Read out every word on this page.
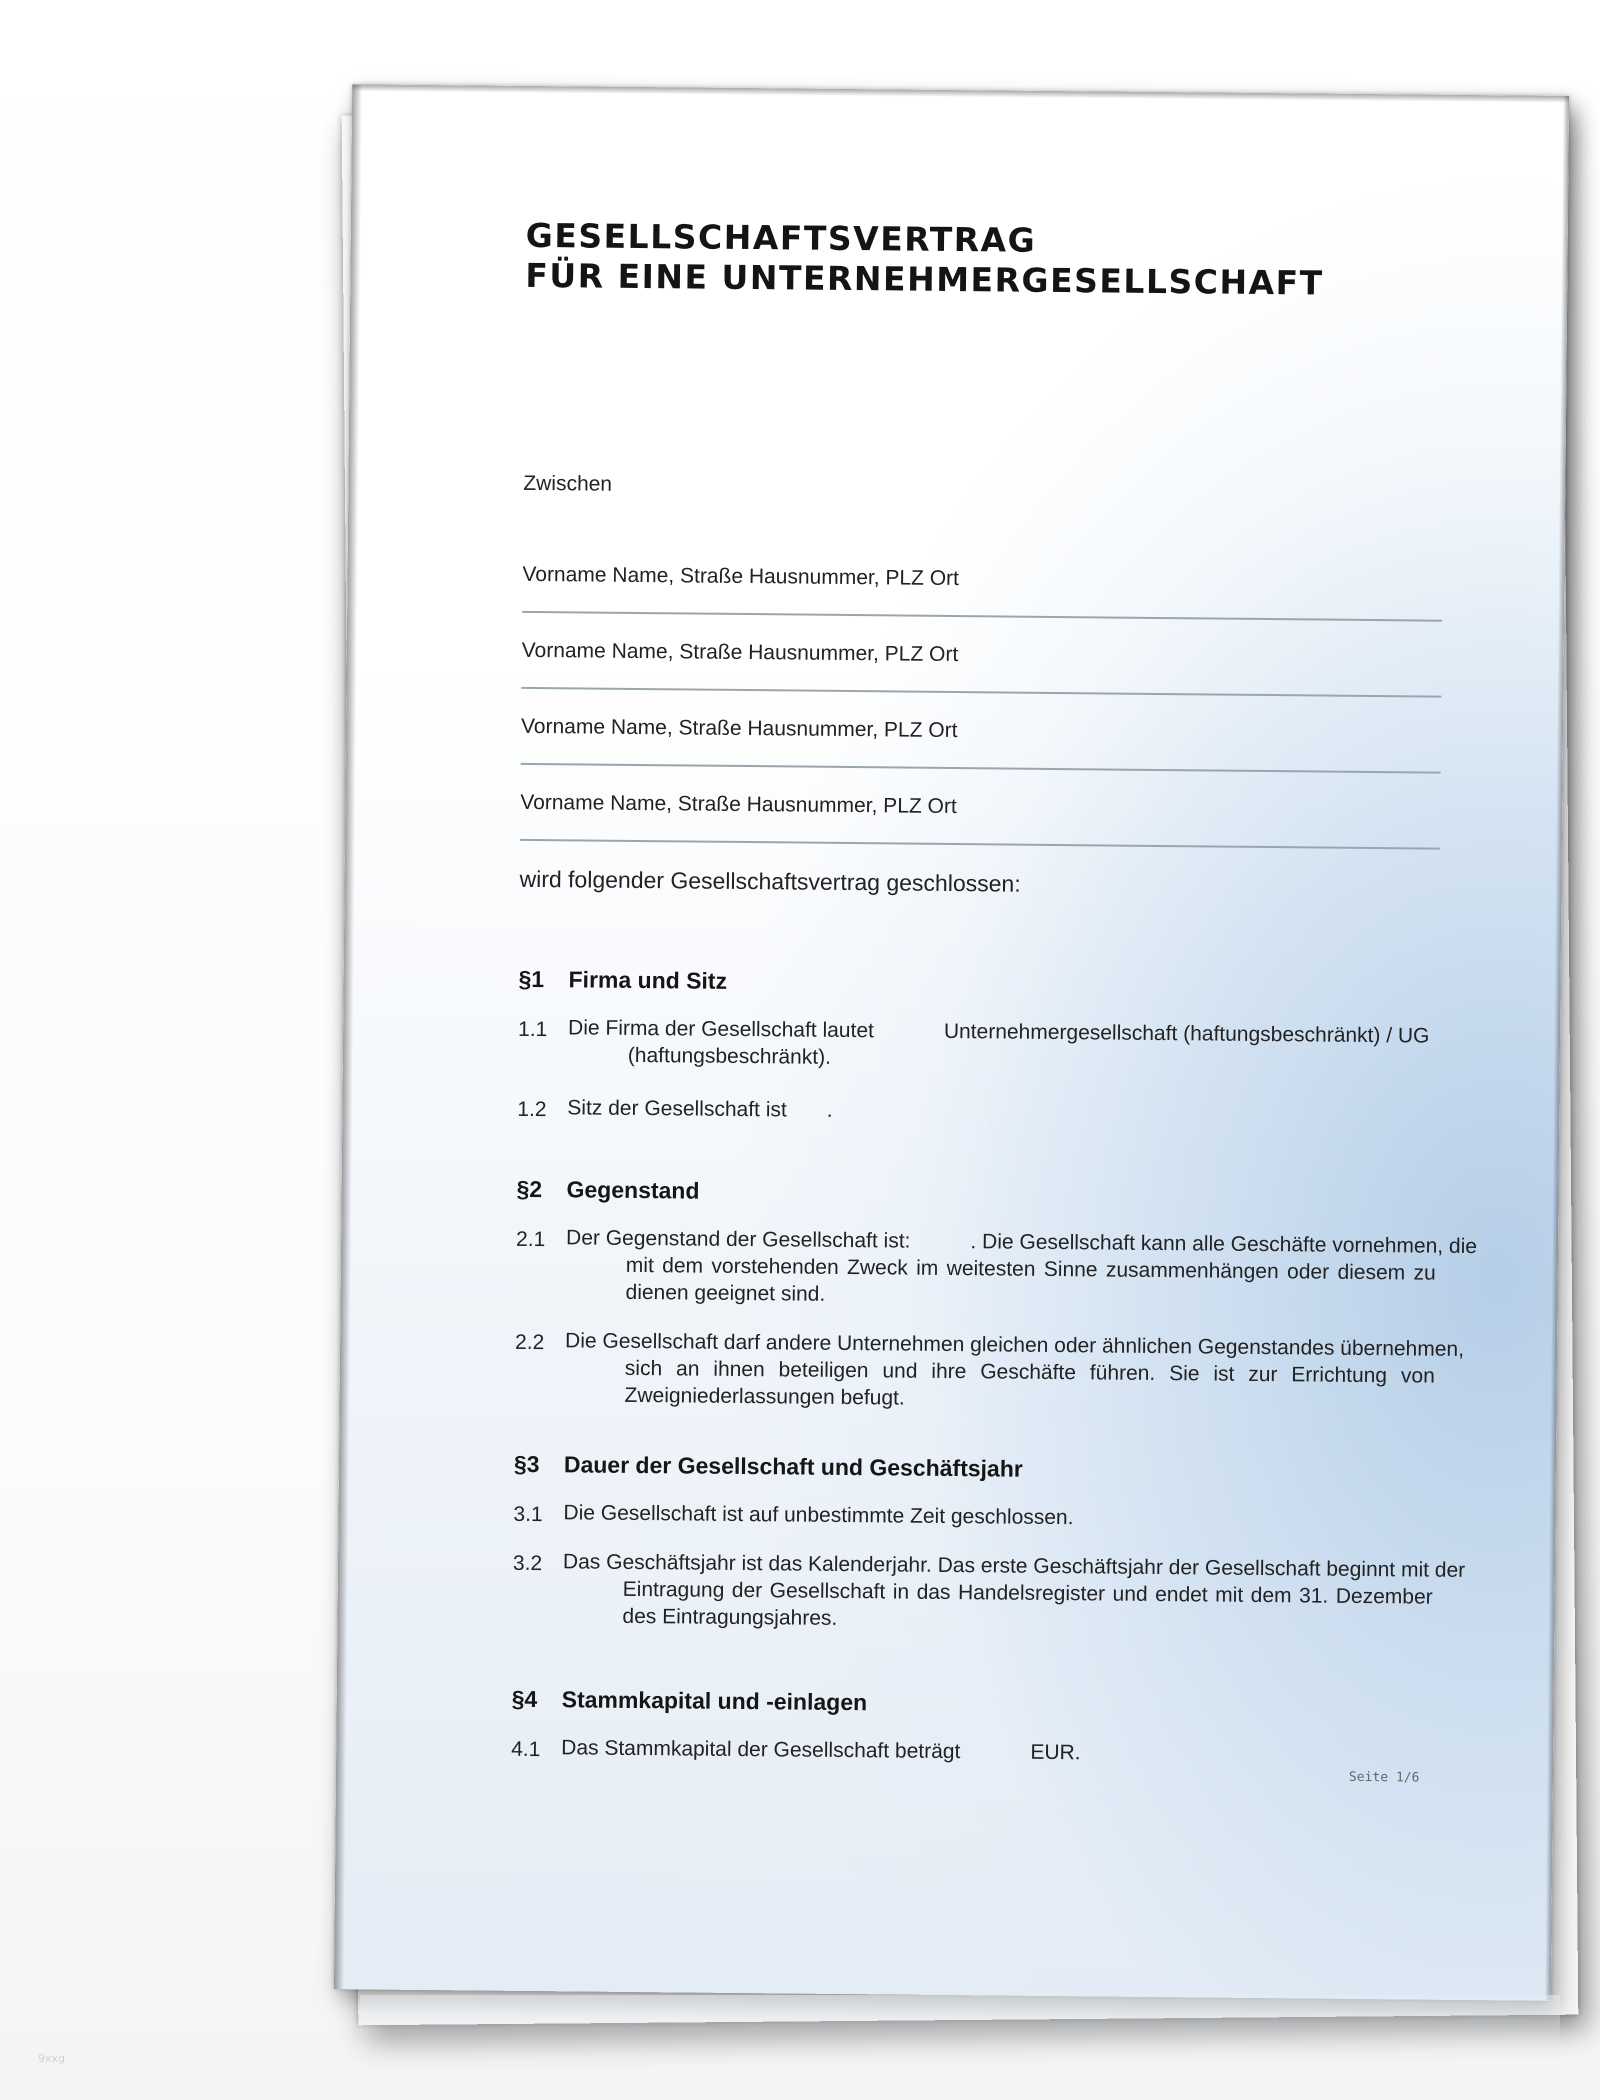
GESELLSCHAFTSVERTRAG
FÜR EINE UNTERNEHMERGESELLSCHAFT
Zwischen
Vorname Name, Straße Hausnummer, PLZ Ort
Vorname Name, Straße Hausnummer, PLZ Ort
Vorname Name, Straße Hausnummer, PLZ Ort
Vorname Name, Straße Hausnummer, PLZ Ort
wird folgender Gesellschaftsvertrag geschlossen:
§1 Firma und Sitz
1.1 Die Firma der Gesellschaft lautet	Unternehmergesellschaft (haftungsbeschränkt) / UG
(haftungsbeschränkt).
1.2 Sitz der Gesellschaft ist .
§2 Gegenstand
2.1 Der Gegenstand der Gesellschaft ist:	. Die Gesellschaft kann alle Geschäfte vornehmen, die
mit dem vorstehenden Zweck im weitesten Sinne zusammenhängen oder diesem zu dienen geeignet sind.
2.2 Die Gesellschaft darf andere Unternehmen gleichen oder ähnlichen Gegenstandes übernehmen,
sich an ihnen beteiligen und ihre Geschäfte führen. Sie ist zur Errichtung von Zweigniederlassungen befugt.
§3 Dauer der Gesellschaft und Geschäftsjahr
3.1 Die Gesellschaft ist auf unbestimmte Zeit geschlossen.
3.2 Das Geschäftsjahr ist das Kalenderjahr. Das erste Geschäftsjahr der Gesellschaft beginnt mit der
Eintragung der Gesellschaft in das Handelsregister und endet mit dem 31. Dezember des Eintragungsjahres.
§4 Stammkapital und -einlagen
4.1 Das Stammkapital der Gesellschaft beträgt	EUR.
Seite 1/6
9xxg
